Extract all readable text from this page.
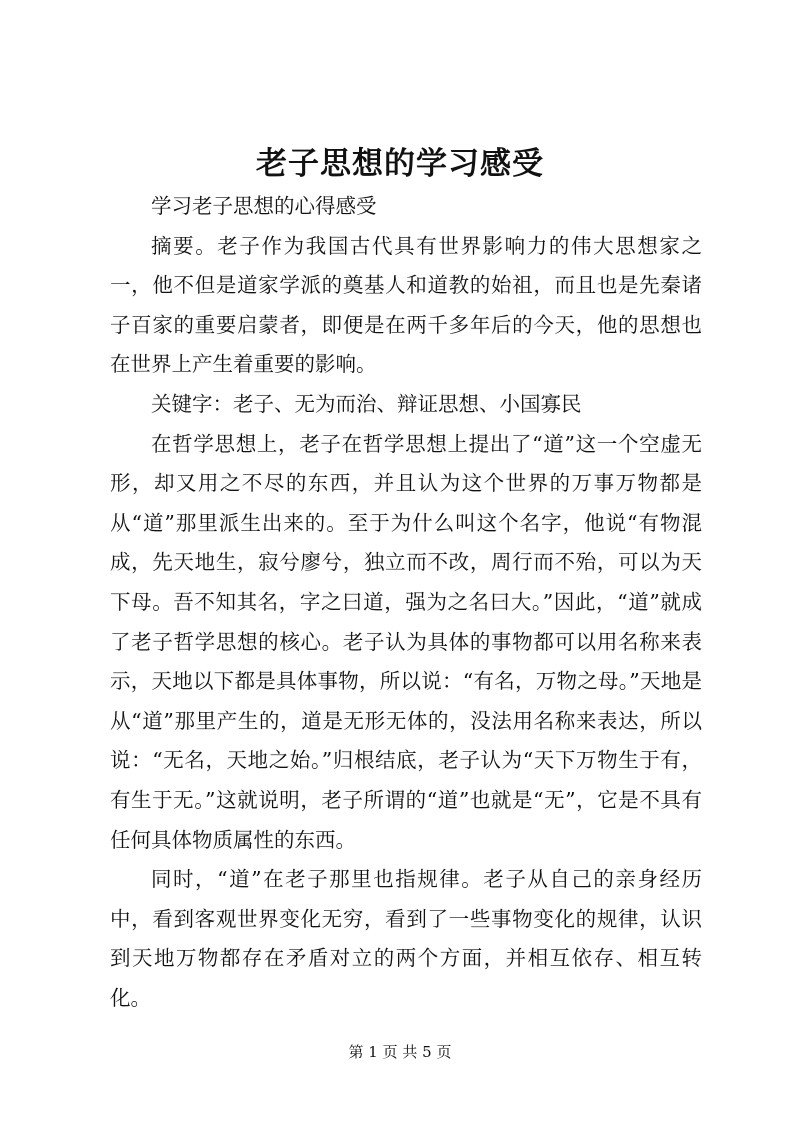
老子思想的学习感受

学习老子思想的心得感受

摘要。老子作为我国古代具有世界影响力的伟大思想家之一，他不但是道家学派的奠基人和道教的始祖，而且也是先秦诸子百家的重要启蒙者，即便是在两千多年后的今天，他的思想也在世界上产生着重要的影响。

关键字：老子、无为而治、辩证思想、小国寡民

在哲学思想上，老子在哲学思想上提出了“道”这一个空虚无形，却又用之不尽的东西，并且认为这个世界的万事万物都是从“道”那里派生出来的。至于为什么叫这个名字，他说“有物混成，先天地生，寂兮廖兮，独立而不改，周行而不殆，可以为天下母。吾不知其名，字之曰道，强为之名曰大。”因此，“道”就成了老子哲学思想的核心。老子认为具体的事物都可以用名称来表示，天地以下都是具体事物，所以说：“有名，万物之母。”天地是从“道”那里产生的，道是无形无体的，没法用名称来表达，所以说：“无名，天地之始。”归根结底，老子认为“天下万物生于有，有生于无。”这就说明，老子所谓的“道”也就是“无”，它是不具有任何具体物质属性的东西。

同时，“道”在老子那里也指规律。老子从自己的亲身经历中，看到客观世界变化无穷，看到了一些事物变化的规律，认识到天地万物都存在矛盾对立的两个方面，并相互依存、相互转化。

第 1 页 共 5 页
